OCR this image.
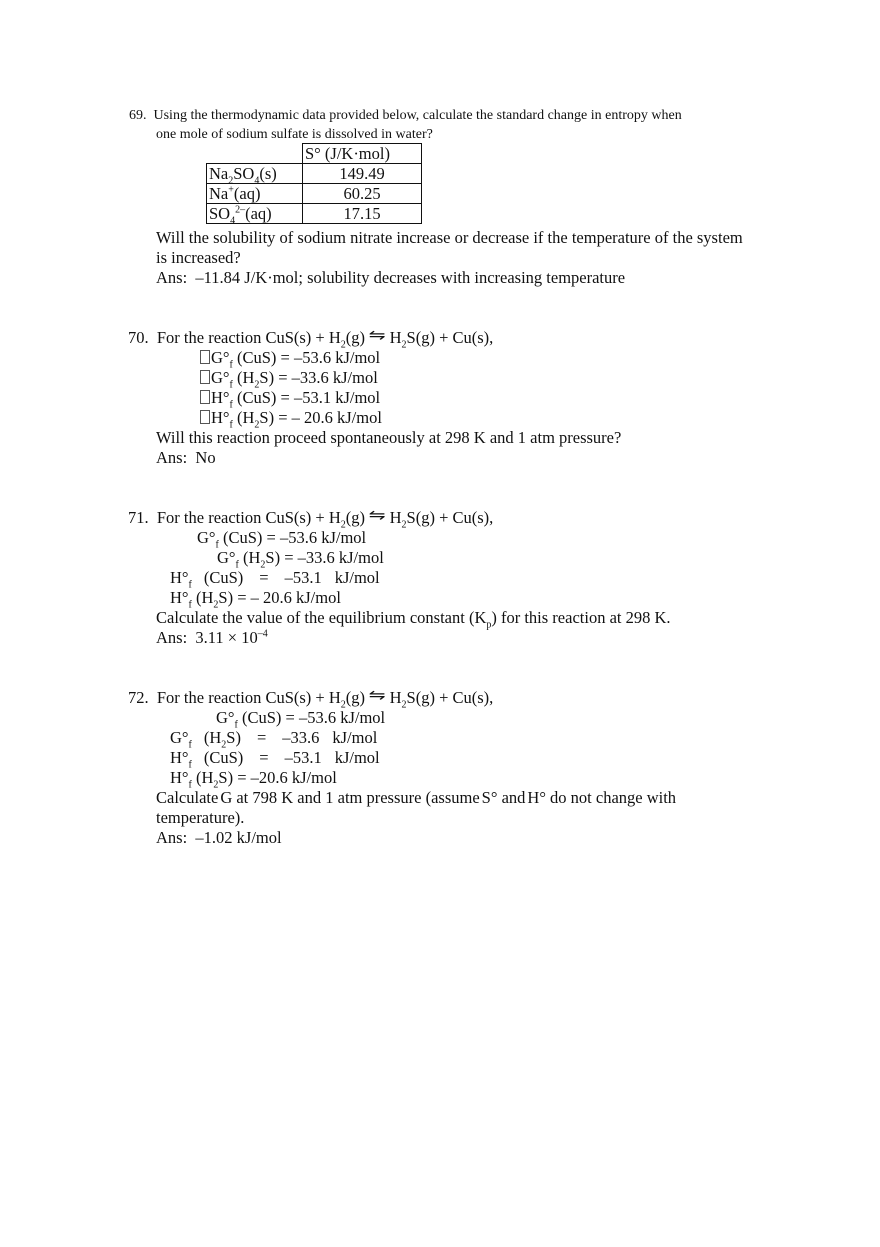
69. Using the thermodynamic data provided below, calculate the standard change in entropy when
one mole of sodium sulfate is dissolved in water?
	S° (J/K·mol)
$Na_2SO_4(s)$	149.49
Na+(aq)	60.25
$SO_4^{2-}(aq)$	17.15
Will the solubility of sodium nitrate increase or decrease if the temperature of the system
is increased?
Ans:  –11.84 J/K·mol; solubility decreases with increasing temperature
70. For the reaction $CuS(s) + H_2(g)$ ⇋ $H_2S(g) + Cu(s)$,
$G^\circ_f$ (CuS) = –53.6 kJ/mol
$G^\circ_f$ $(H_2S) = -33.6$ kJ/mol
$H^\circ_f$ (CuS) = –53.1 kJ/mol
$H^\circ_f$ $(H_2S)$ = – 20.6 kJ/mol
Will this reaction proceed spontaneously at 298 K and 1 atm pressure?
Ans:  No
71. For the reaction $CuS(s) + H_2(g)$ ⇋ $H_2S(g) + Cu(s)$,
$G^\circ_f$ (CuS) = –53.6 kJ/mol
$G^\circ_f$ $(H_2S) = -33.6$ kJ/mol
$H^\circ_f$ (CuS) = –53.1 kJ/mol
$H^\circ_f$ $(H_2S)$ = – 20.6 kJ/mol
Calculate the value of the equilibrium constant $(K_p)$ for this reaction at 298 K.
Ans:  $3.11 \times 10^{-4}$
72. For the reaction $CuS(s) + H_2(g)$ ⇋ $H_2S(g) + Cu(s)$,
$G^\circ_f$ (CuS) = –53.6 kJ/mol
$G^\circ_f$ $(H_2S) = -33.6$ kJ/mol
$H^\circ_f$ (CuS) = –53.1 kJ/mol
$H^\circ_f$ $(H_2S) = -20.6$ kJ/mol
Calculate G at 798 K and 1 atm pressure (assume S° and H° do not change with
temperature).
Ans:  –1.02 kJ/mol
